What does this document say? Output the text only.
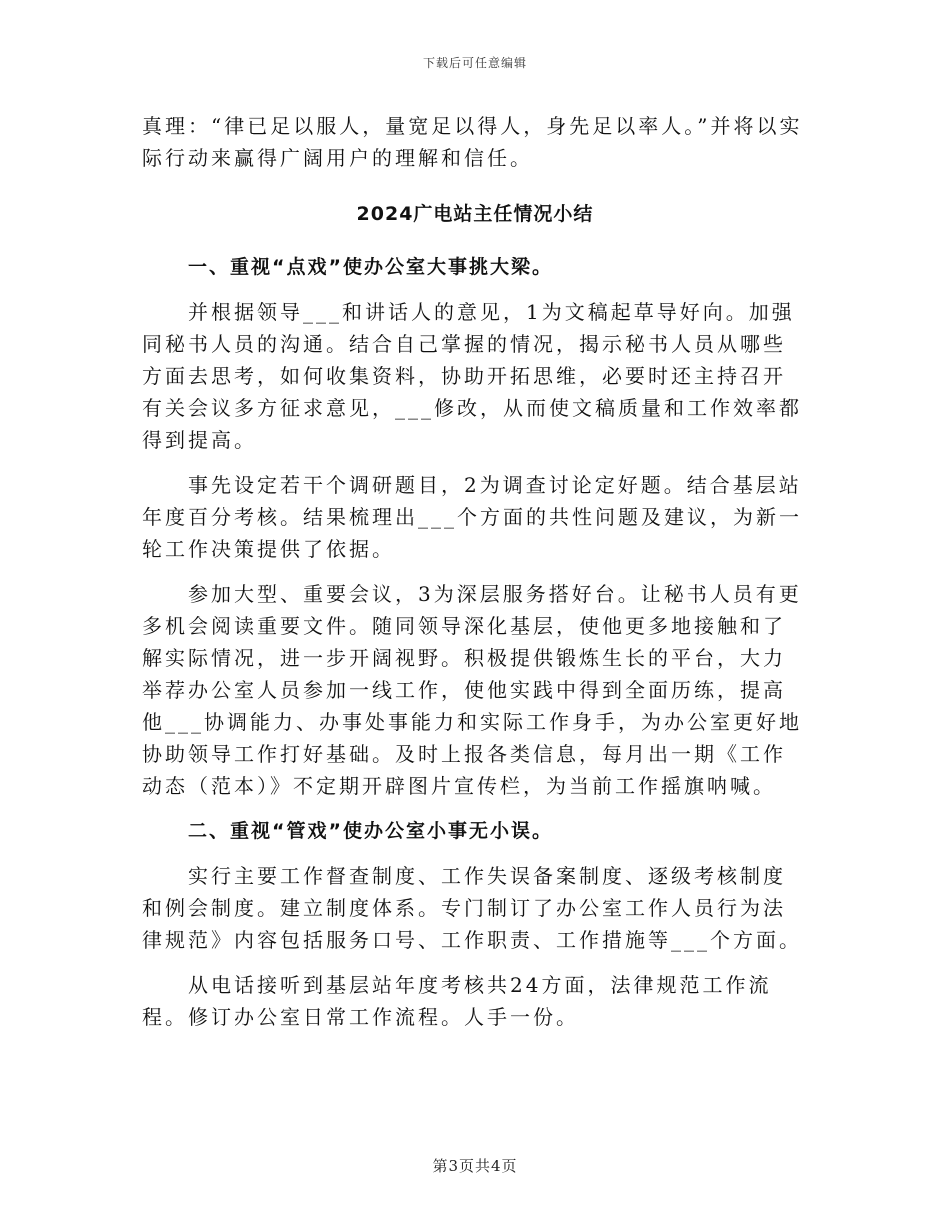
下载后可任意编辑

真理：“律已足以服人，量宽足以得人，身先足以率人。”并将以实

际行动来赢得广阔用户的理解和信任。

2024广电站主任情况小结
一、重视“点戏”使办公室大事挑大梁。

并根据领导___和讲话人的意见，1为文稿起草导好向。加强同秘书人员的沟通。结合自己掌握的情况，揭示秘书人员从哪些方面去思考，如何收集资料，协助开拓思维，必要时还主持召开有关会议多方征求意见，___修改，从而使文稿质量和工作效率都得到提高。

事先设定若干个调研题目，2为调查讨论定好题。结合基层站年度百分考核。结果梳理出___个方面的共性问题及建议，为新一轮工作决策提供了依据。

参加大型、重要会议，3为深层服务搭好台。让秘书人员有更多机会阅读重要文件。随同领导深化基层，使他更多地接触和了解实际情况，进一步开阔视野。积极提供锻炼生长的平台，大力举荐办公室人员参加一线工作，使他实践中得到全面历练，提高他___协调能力、办事处事能力和实际工作身手，为办公室更好地协助领导工作打好基础。及时上报各类信息，每月出一期《工作动态（范本）》不定期开辟图片宣传栏，为当前工作摇旗呐喊。

二、重视“管戏”使办公室小事无小误。

实行主要工作督查制度、工作失误备案制度、逐级考核制度和例会制度。建立制度体系。专门制订了办公室工作人员行为法律规范》内容包括服务口号、工作职责、工作措施等___个方面。

从电话接听到基层站年度考核共24方面，法律规范工作流程。修订办公室日常工作流程。人手一份。

第3页共4页
